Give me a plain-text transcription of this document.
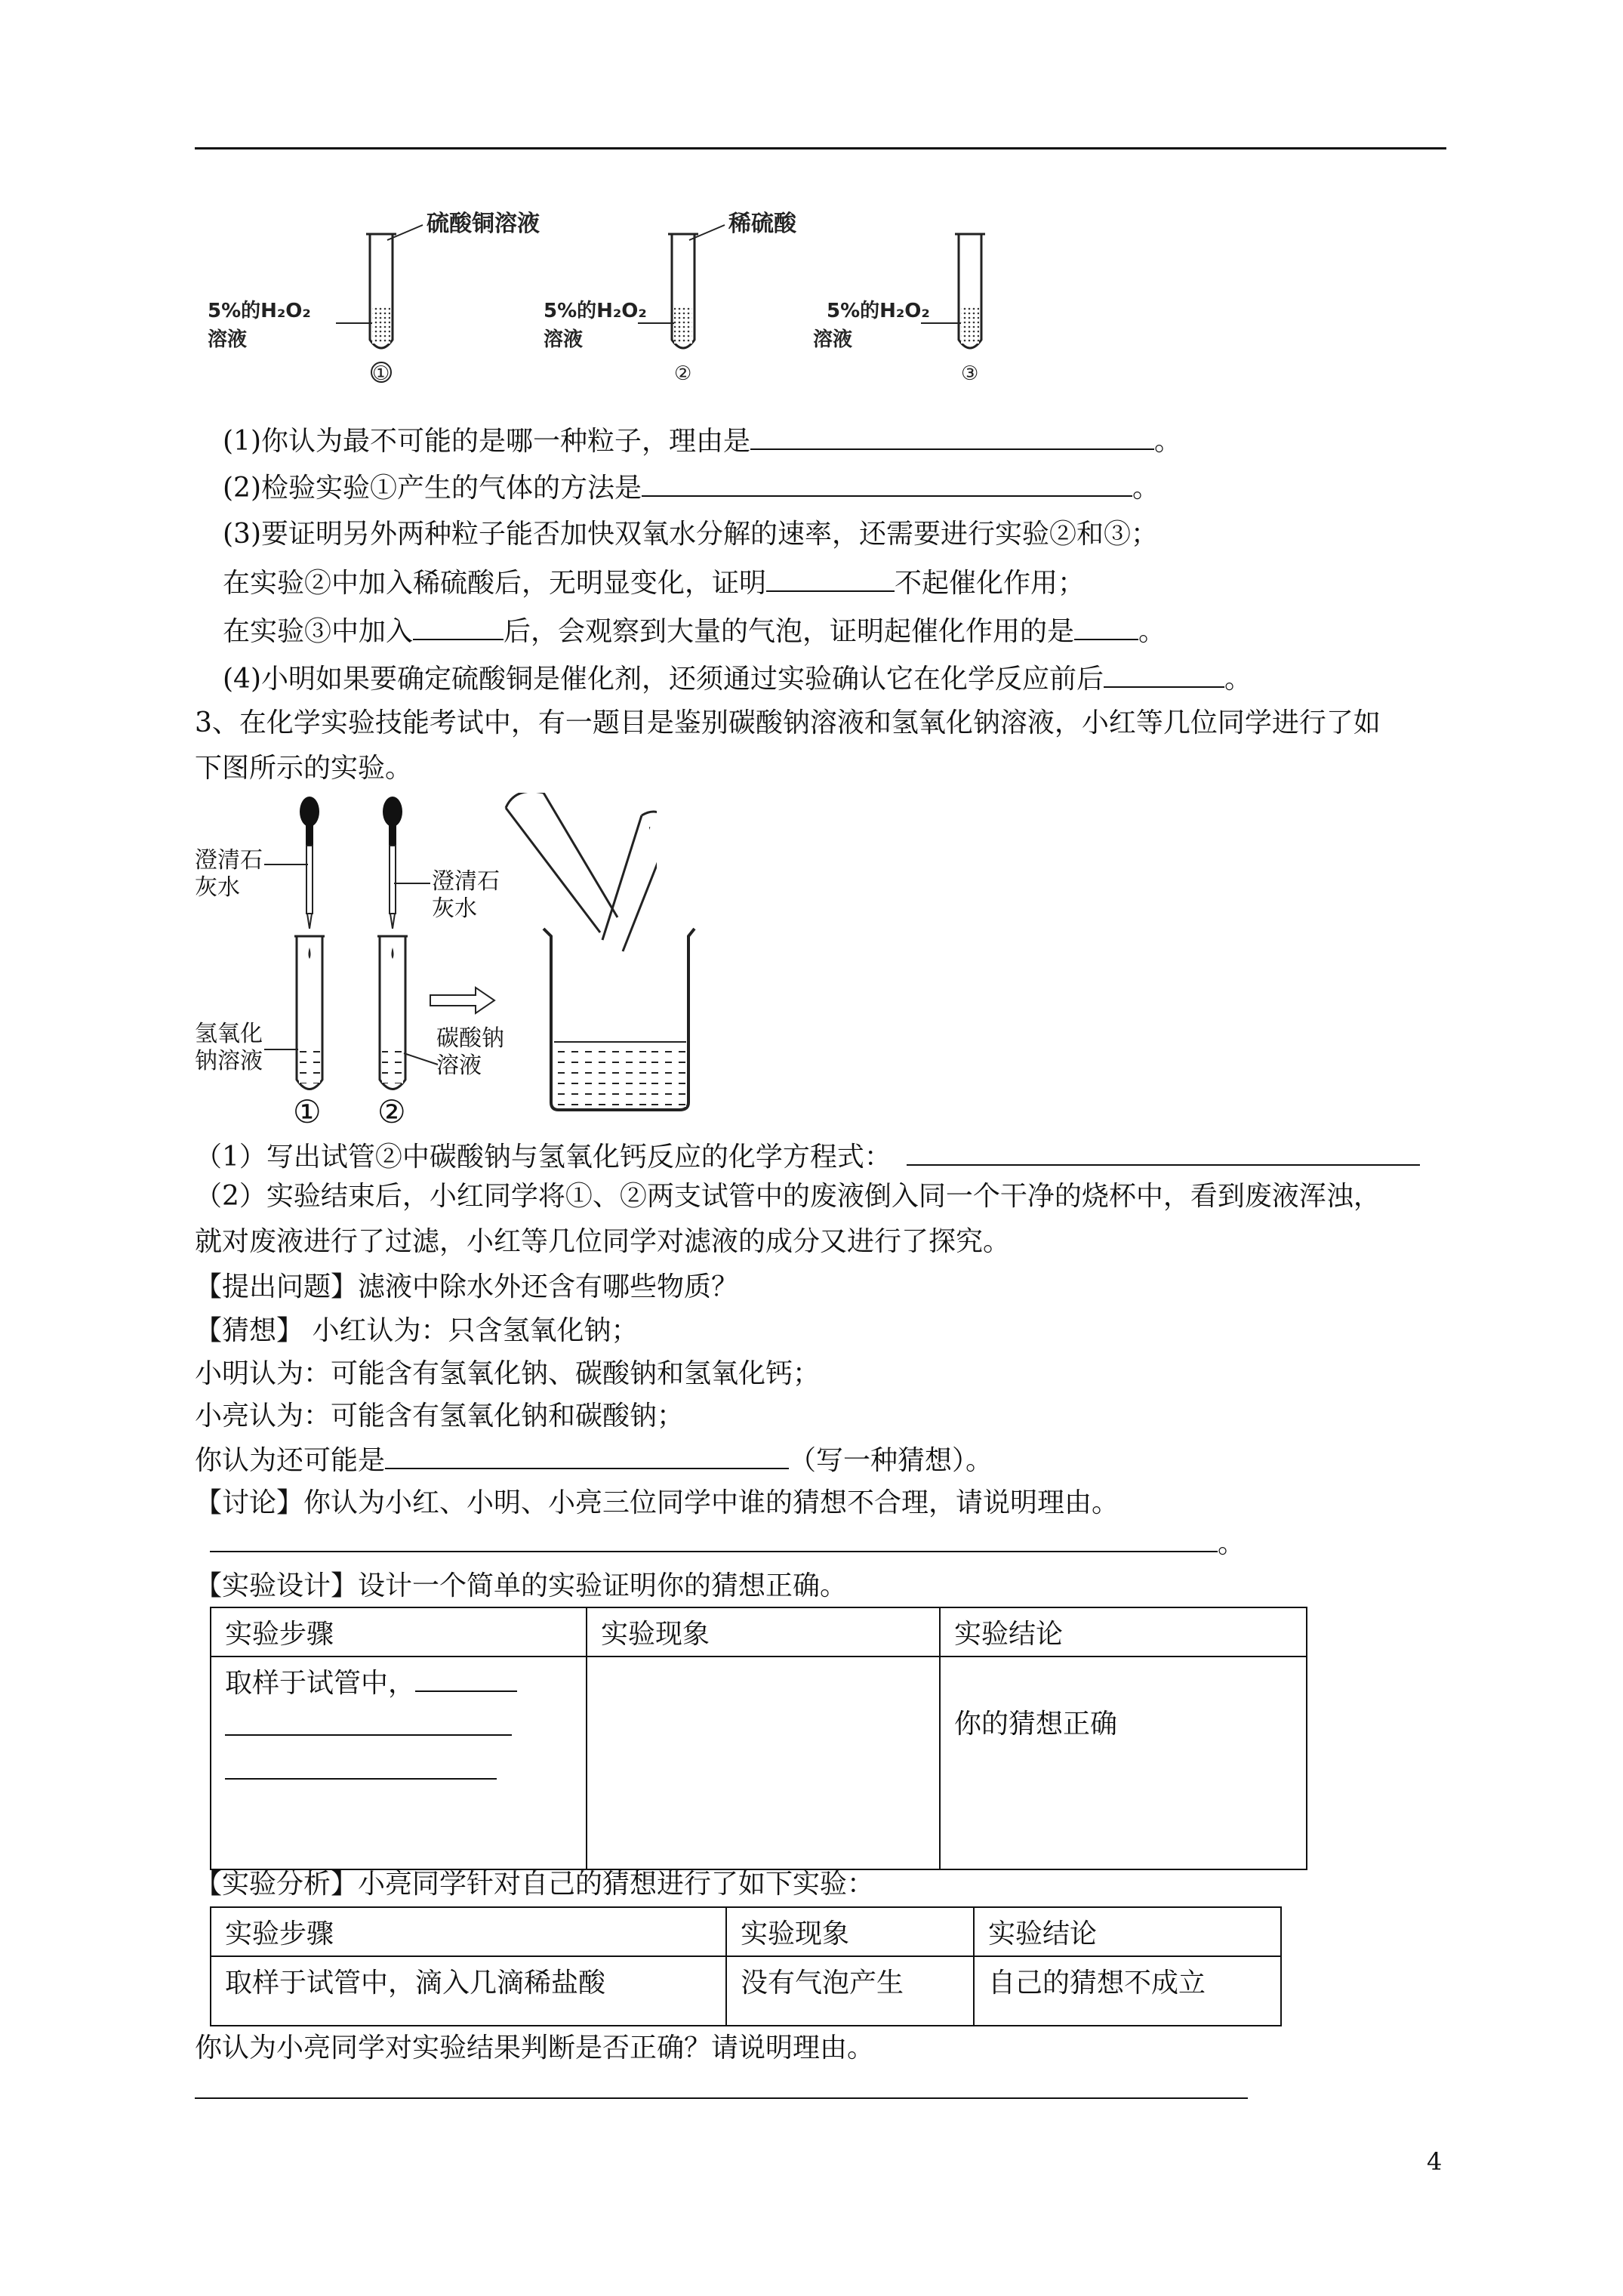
硫酸铜溶液
5%的H₂O₂
溶液
①
稀硫酸
5%的H₂O₂
溶液
②
5%的H₂O₂
溶液
③
(1)你认为最不可能的是哪一种粒子，理由是	。
(2)检验实验①产生的气体的方法是	。
(3)要证明另外两种粒子能否加快双氧水分解的速率，还需要进行实验②和③；
在实验②中加入稀硫酸后，无明显变化，证明	不起催化作用；
在实验③中加入	后，会观察到大量的气泡，证明起催化作用的是 。
(4)小明如果要确定硫酸铜是催化剂，还须通过实验确认它在化学反应前后	。
3、在化学实验技能考试中，有一题目是鉴别碳酸钠溶液和氢氧化钠溶液，小红等几位同学进行了如
下图所示的实验。
澄清石
灰水	澄清石
灰水
氢氧化
钠溶液
碳酸钠
溶液
① ②
（1）写出试管②中碳酸钠与氢氧化钙反应的化学方程式：
（2）实验结束后，小红同学将①、②两支试管中的废液倒入同一个干净的烧杯中，看到废液浑浊，
就对废液进行了过滤，小红等几位同学对滤液的成分又进行了探究。
【提出问题】滤液中除水外还含有哪些物质？
【猜想】 小红认为：只含氢氧化钠；
小明认为：可能含有氢氧化钠、碳酸钠和氢氧化钙；
小亮认为：可能含有氢氧化钠和碳酸钠；
你认为还可能是	（写一种猜想）。
【讨论】你认为小红、小明、小亮三位同学中谁的猜想不合理，请说明理由。
。
【实验设计】设计一个简单的实验证明你的猜想正确。
实验步骤	实验现象	实验结论
取样于试管中，		你的猜想正确
【实验分析】小亮同学针对自己的猜想进行了如下实验：
实验步骤	实验现象	实验结论
取样于试管中，滴入几滴稀盐酸	没有气泡产生	自己的猜想不成立
你认为小亮同学对实验结果判断是否正确？请说明理由。
4
